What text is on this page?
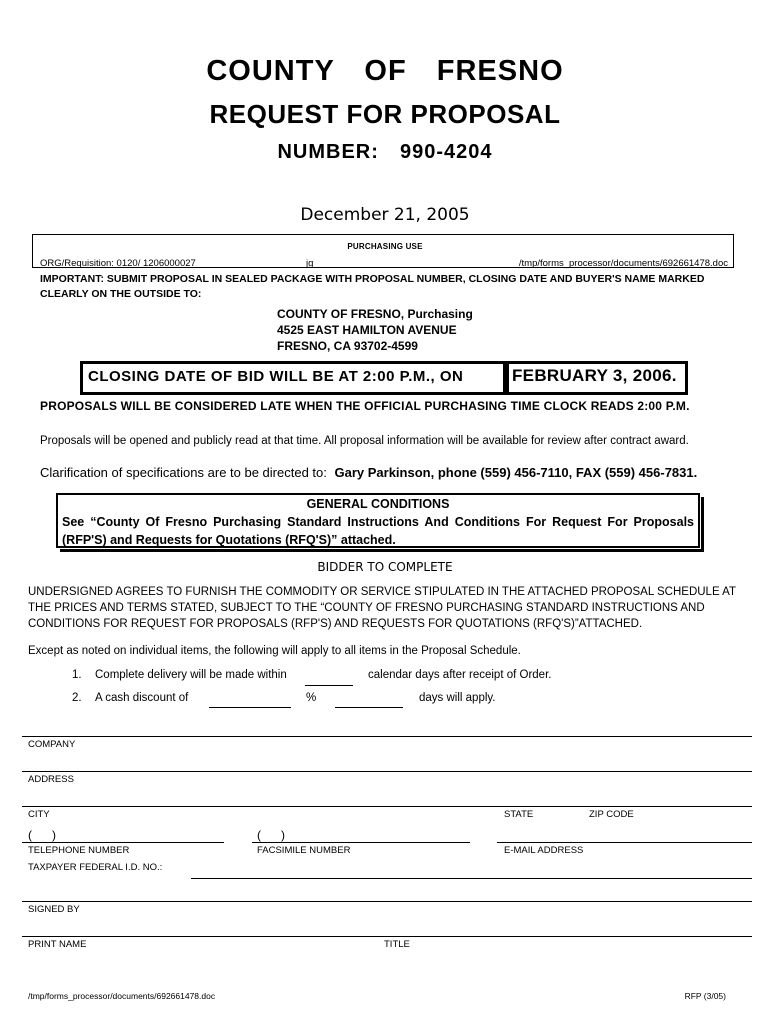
COUNTY  OF  FRESNO
REQUEST FOR PROPOSAL
NUMBER:  990-4204
December 21, 2005
PURCHASING USE
ORG/Requisition: 0120/ 1206000027	jg	/tmp/forms_processor/documents/692661478.doc
IMPORTANT: SUBMIT PROPOSAL IN SEALED PACKAGE WITH PROPOSAL NUMBER, CLOSING DATE AND BUYER'S NAME MARKED CLEARLY ON THE OUTSIDE TO:
COUNTY OF FRESNO, Purchasing
4525 EAST HAMILTON AVENUE
FRESNO, CA 93702-4599
CLOSING DATE OF BID WILL BE AT 2:00 P.M., ON	FEBRUARY 3, 2006.
PROPOSALS WILL BE CONSIDERED LATE WHEN THE OFFICIAL PURCHASING TIME CLOCK READS 2:00 P.M.
Proposals will be opened and publicly read at that time. All proposal information will be available for review after contract award.
Clarification of specifications are to be directed to: Gary Parkinson, phone (559) 456-7110, FAX (559) 456-7831.
GENERAL CONDITIONS
See “County Of Fresno Purchasing Standard Instructions And Conditions For Request For Proposals (RFP'S) and Requests for Quotations (RFQ'S)” attached.
BIDDER TO COMPLETE
UNDERSIGNED AGREES TO FURNISH THE COMMODITY OR SERVICE STIPULATED IN THE ATTACHED PROPOSAL SCHEDULE AT THE PRICES AND TERMS STATED, SUBJECT TO THE “COUNTY OF FRESNO PURCHASING STANDARD INSTRUCTIONS AND CONDITIONS FOR REQUEST FOR PROPOSALS (RFP'S) AND REQUESTS FOR QUOTATIONS (RFQ'S)”ATTACHED.
Except as noted on individual items, the following will apply to all items in the Proposal Schedule.
1. Complete delivery will be made within	calendar days after receipt of Order.
2. A cash discount of	%	days will apply.
COMPANY
ADDRESS
CITY	STATE	ZIP CODE
(      )	(      )
TELEPHONE NUMBER	FACSIMILE NUMBER	E-MAIL ADDRESS
TAXPAYER FEDERAL I.D. NO.:
SIGNED BY
PRINT NAME	TITLE
/tmp/forms_processor/documents/692661478.doc	RFP (3/05)
